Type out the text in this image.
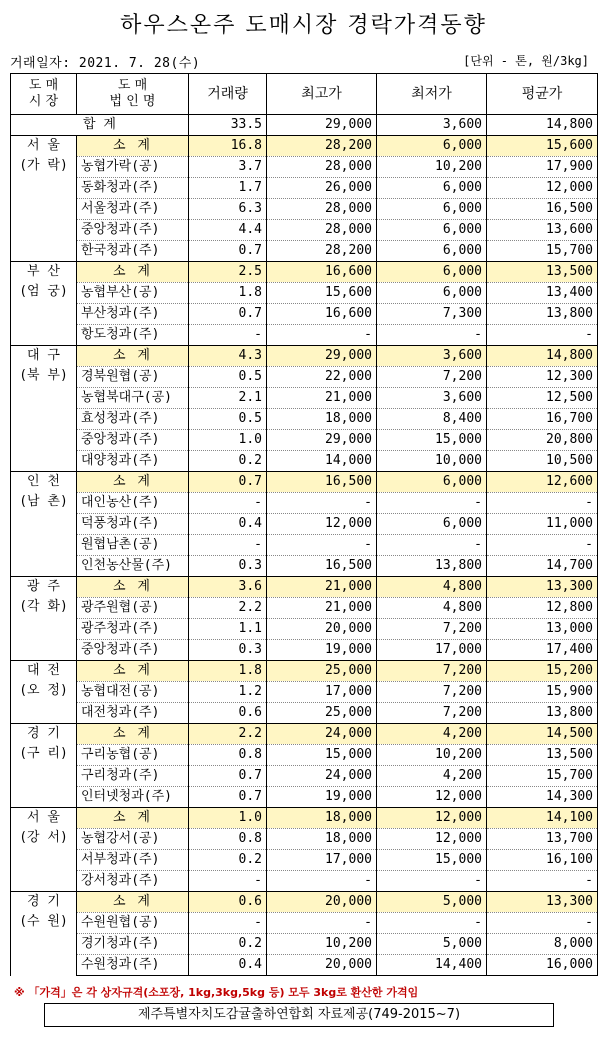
하우스온주 도매시장 경락가격동향
거래일자: 2021. 7. 28(수)	[단위 - 톤, 원/3kg]
도 매
시 장	도 매
법 인 명	거래량	최고가	최저가	평균가
합 계		33.5	29,000	3,600	14,800

서 울
(가 락)	소 계	16.8	28,200	6,000	15,600
	농협가락(공)	3.7	28,000	10,200	17,900
	동화청과(주)	1.7	26,000	6,000	12,000
	서울청과(주)	6.3	28,000	6,000	16,500
	중앙청과(주)	4.4	28,000	6,000	13,600
	한국청과(주)	0.7	28,200	6,000	15,700

부 산
(엄 궁)	소 계	2.5	16,600	6,000	13,500
	농협부산(공)	1.8	15,600	6,000	13,400
	부산청과(주)	0.7	16,600	7,300	13,800
	항도청과(주)	-	-	-	-

대 구
(북 부)	소 계	4.3	29,000	3,600	14,800
	경북원협(공)	0.5	22,000	7,200	12,300
	농협북대구(공)	2.1	21,000	3,600	12,500
	효성청과(주)	0.5	18,000	8,400	16,700
	중앙청과(주)	1.0	29,000	15,000	20,800
	대양청과(주)	0.2	14,000	10,000	10,500

인 천
(남 촌)	소 계	0.7	16,500	6,000	12,600
	대인농산(주)	-	-	-	-
	덕풍청과(주)	0.4	12,000	6,000	11,000
	원협남촌(공)	-	-	-	-
	인천농산물(주)	0.3	16,500	13,800	14,700

광 주
(각 화)	소 계	3.6	21,000	4,800	13,300
	광주원협(공)	2.2	21,000	4,800	12,800
	광주청과(주)	1.1	20,000	7,200	13,000
	중앙청과(주)	0.3	19,000	17,000	17,400

대 전
(오 정)	소 계	1.8	25,000	7,200	15,200
	농협대전(공)	1.2	17,000	7,200	15,900
	대전청과(주)	0.6	25,000	7,200	13,800

경 기
(구 리)	소 계	2.2	24,000	4,200	14,500
	구리농협(공)	0.8	15,000	10,200	13,500
	구리청과(주)	0.7	24,000	4,200	15,700
	인터넷청과(주)	0.7	19,000	12,000	14,300

서 울
(강 서)	소 계	1.0	18,000	12,000	14,100
	농협강서(공)	0.8	18,000	12,000	13,700
	서부청과(주)	0.2	17,000	15,000	16,100
	강서청과(주)	-	-	-	-

경 기
(수 원)	소 계	0.6	20,000	5,000	13,300
	수원원협(공)	-	-	-	-
	경기청과(주)	0.2	10,200	5,000	8,000
	수원청과(주)	0.4	20,000	14,400	16,000
※ 「가격」은 각 상자규격(소포장, 1kg,3kg,5kg 등) 모두 3kg로 환산한 가격임
제주특별자치도감귤출하연합회 자료제공(749-2015~7)
